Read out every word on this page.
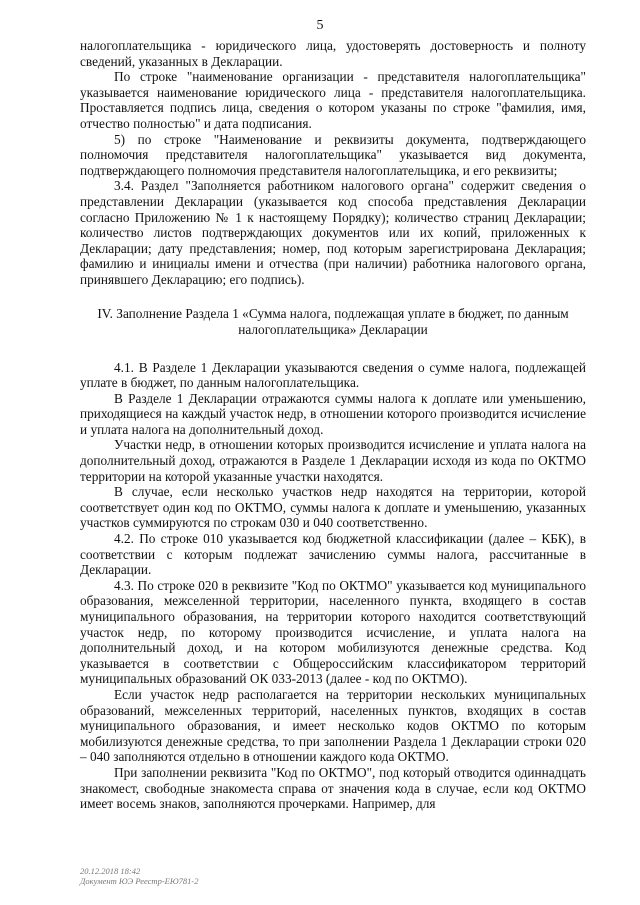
5

налогоплательщика - юридического лица, удостоверять достоверность и полноту сведений, указанных в Декларации.

По строке "наименование организации - представителя налогоплательщика" указывается наименование юридического лица - представителя налогоплательщика. Проставляется подпись лица, сведения о котором указаны по строке "фамилия, имя, отчество полностью" и дата подписания.

5) по строке "Наименование и реквизиты документа, подтверждающего полномочия представителя налогоплательщика" указывается вид документа, подтверждающего полномочия представителя налогоплательщика, и его реквизиты;

3.4. Раздел "Заполняется работником налогового органа" содержит сведения о представлении Декларации (указывается код способа представления Декларации согласно Приложению № 1 к настоящему Порядку); количество страниц Декларации; количество листов подтверждающих документов или их копий, приложенных к Декларации; дату представления; номер, под которым зарегистрирована Декларация; фамилию и инициалы имени и отчества (при наличии) работника налогового органа, принявшего Декларацию; его подпись).

IV. Заполнение Раздела 1 «Сумма налога, подлежащая уплате в бюджет, по данным налогоплательщика» Декларации

4.1. В Разделе 1 Декларации указываются сведения о сумме налога, подлежащей уплате в бюджет, по данным налогоплательщика.

В Разделе 1 Декларации отражаются суммы налога к доплате или уменьшению, приходящиеся на каждый участок недр, в отношении которого производится исчисление и уплата налога на дополнительный доход.

Участки недр, в отношении которых производится исчисление и уплата налога на дополнительный доход, отражаются в Разделе 1 Декларации исходя из кода по ОКТМО территории на которой указанные участки находятся.

В случае, если несколько участков недр находятся на территории, которой соответствует один код по ОКТМО, суммы налога к доплате и уменьшению, указанных участков суммируются по строкам 030 и 040 соответственно.

4.2. По строке 010 указывается код бюджетной классификации (далее – КБК), в соответствии с которым подлежат зачислению суммы налога, рассчитанные в Декларации.

4.3. По строке 020 в реквизите "Код по ОКТМО" указывается код муниципального образования, межселенной территории, населенного пункта, входящего в состав муниципального образования, на территории которого находится соответствующий участок недр, по которому производится исчисление, и уплата налога на дополнительный доход, и на котором мобилизуются денежные средства. Код указывается в соответствии с Общероссийским классификатором территорий муниципальных образований ОК 033-2013 (далее - код по ОКТМО).

Если участок недр располагается на территории нескольких муниципальных образований, межселенных территорий, населенных пунктов, входящих в состав муниципального образования, и имеет несколько кодов ОКТМО по которым мобилизуются денежные средства, то при заполнении Раздела 1 Декларации строки 020 – 040 заполняются отдельно в отношении каждого кода ОКТМО.

При заполнении реквизита "Код по ОКТМО", под который отводится одиннадцать знакомест, свободные знакоместа справа от значения кода в случае, если код ОКТМО имеет восемь знаков, заполняются прочерками. Например, для

20.12.2018 18:42
Документ ЮЭ Реестр-ЕЮ781-2
